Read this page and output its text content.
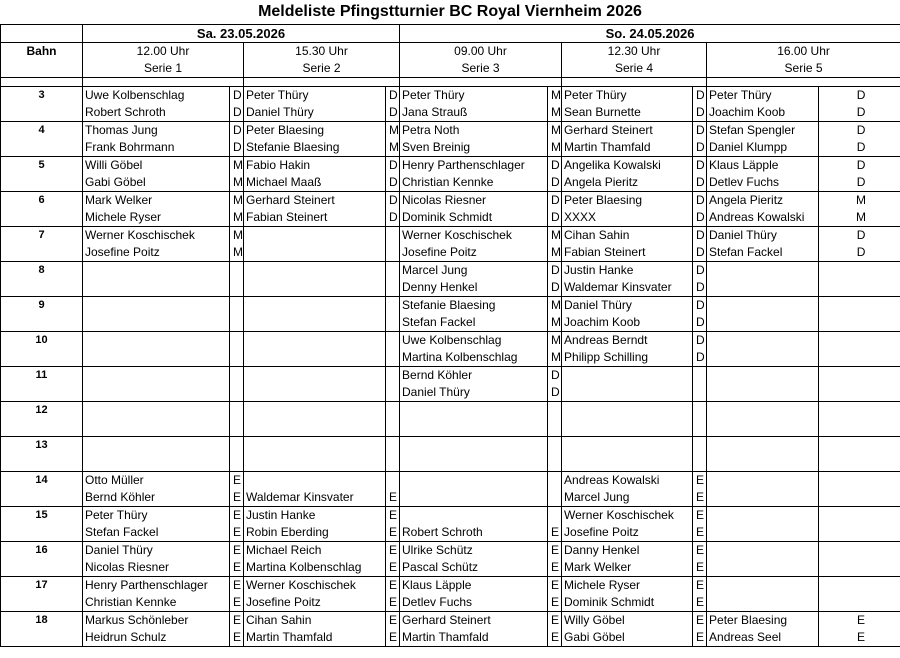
Meldeliste Pfingstturnier BC Royal Viernheim 2026
	Sa. 23.05.2026				So. 24.05.2026					
Bahn	12.00 Uhr		15.30 Uhr		09.00 Uhr		12.30 Uhr		16.00 Uhr	
	Serie 1		Serie 2		Serie 3		Serie 4		Serie 5	

3	Uwe Kolbenschlag	D	Peter Thüry	D	Peter Thüry	M	Peter Thüry	D	Peter Thüry	D
	Robert Schroth	D	Daniel Thüry	D	Jana Strauß	M	Sean Burnette	D	Joachim Koob	D
4	Thomas Jung	D	Peter Blaesing	M	Petra Noth	M	Gerhard Steinert	D	Stefan Spengler	D
	Frank Bohrmann	D	Stefanie Blaesing	M	Sven Breinig	M	Martin Thamfald	D	Daniel Klumpp	D
5	Willi Göbel	M	Fabio Hakin	D	Henry Parthenschlager	D	Angelika Kowalski	D	Klaus Läpple	D
	Gabi Göbel	M	Michael Maaß	D	Christian Kennke	D	Angela Pieritz	D	Detlev Fuchs	D
6	Mark Welker	M	Gerhard Steinert	D	Nicolas Riesner	D	Peter Blaesing	D	Angela Pieritz	M
	Michele Ryser	M	Fabian Steinert	D	Dominik Schmidt	D	XXXX	D	Andreas Kowalski	M
7	Werner Koschischek	M			Werner Koschischek	M	Cihan Sahin	D	Daniel Thüry	D
	Josefine Poitz	M			Josefine Poitz	M	Fabian Steinert	D	Stefan Fackel	D
8					Marcel Jung	D	Justin Hanke	D		
					Denny Henkel	D	Waldemar Kinsvater	D		
9					Stefanie Blaesing	M	Daniel Thüry	D		
					Stefan Fackel	M	Joachim Koob	D		
10					Uwe Kolbenschlag	M	Andreas Berndt	D		
					Martina Kolbenschlag	M	Philipp Schilling	D		
11					Bernd Köhler	D				
					Daniel Thüry	D				
12										

13										

14	Otto Müller	E					Andreas Kowalski	E		
	Bernd Köhler	E	Waldemar Kinsvater	E			Marcel Jung	E		
15	Peter Thüry	E	Justin Hanke	E			Werner Koschischek	E		
	Stefan Fackel	E	Robin Eberding	E	Robert Schroth	E	Josefine Poitz	E		
16	Daniel Thüry	E	Michael Reich	E	Ulrike Schütz	E	Danny Henkel	E		
	Nicolas Riesner	E	Martina Kolbenschlag	E	Pascal Schütz	E	Mark Welker	E		
17	Henry Parthenschlager	E	Werner Koschischek	E	Klaus Läpple	E	Michele Ryser	E		
	Christian Kennke	E	Josefine Poitz	E	Detlev Fuchs	E	Dominik Schmidt	E		
18	Markus Schönleber	E	Cihan Sahin	E	Gerhard Steinert	E	Willy Göbel	E	Peter Blaesing	E
	Heidrun Schulz	E	Martin Thamfald	E	Martin Thamfald	E	Gabi Göbel	E	Andreas Seel	E
